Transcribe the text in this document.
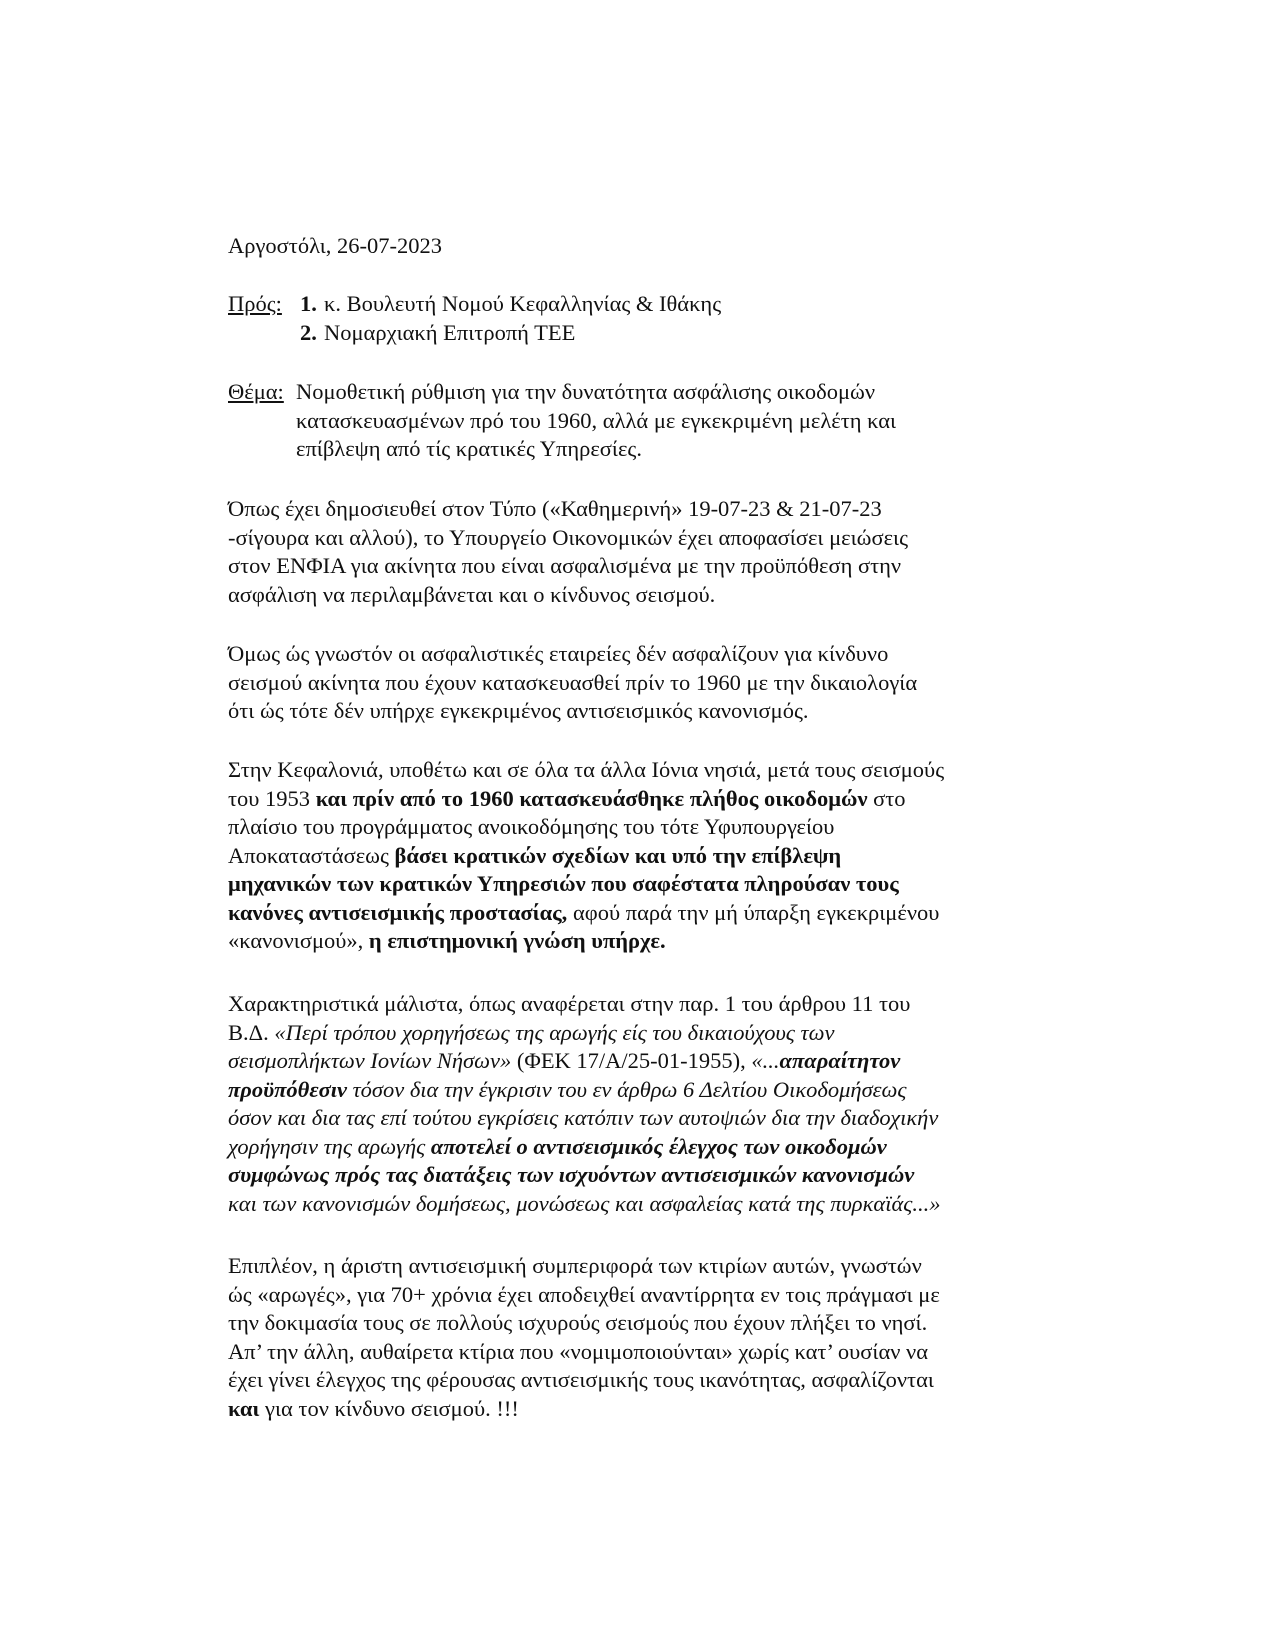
Αργοστόλι, 26-07-2023
Πρός: 1. κ. Βουλευτή Νομού Κεφαλληνίας & Ιθάκης
2. Νομαρχιακή Επιτροπή ΤΕΕ
Θέμα: Νομοθετική ρύθμιση για την δυνατότητα ασφάλισης οικοδομών
κατασκευασμένων πρό του 1960, αλλά με εγκεκριμένη μελέτη και
επίβλεψη από τίς κρατικές Υπηρεσίες.
Όπως έχει δημοσιευθεί στον Τύπο («Καθημερινή» 19-07-23 & 21-07-23
-σίγουρα και αλλού), το Υπουργείο Οικονομικών έχει αποφασίσει μειώσεις
στον ΕΝΦΙΑ για ακίνητα που είναι ασφαλισμένα με την προϋπόθεση στην
ασφάλιση να περιλαμβάνεται και ο κίνδυνος σεισμού.
Όμως ώς γνωστόν οι ασφαλιστικές εταιρείες δέν ασφαλίζουν για κίνδυνο
σεισμού ακίνητα που έχουν κατασκευασθεί πρίν το 1960 με την δικαιολογία
ότι ώς τότε δέν υπήρχε εγκεκριμένος αντισεισμικός κανονισμός.
Στην Κεφαλονιά, υποθέτω και σε όλα τα άλλα Ιόνια νησιά, μετά τους σεισμούς
του 1953 και πρίν από το 1960 κατασκευάσθηκε πλήθος οικοδομών στο
πλαίσιο του προγράμματος ανοικοδόμησης του τότε Υφυπουργείου
Αποκαταστάσεως βάσει κρατικών σχεδίων και υπό την επίβλεψη
μηχανικών των κρατικών Υπηρεσιών που σαφέστατα πληρούσαν τους
κανόνες αντισεισμικής προστασίας, αφού παρά την μή ύπαρξη εγκεκριμένου
«κανονισμού», η επιστημονική γνώση υπήρχε.
Χαρακτηριστικά μάλιστα, όπως αναφέρεται στην παρ. 1 του άρθρου 11 του
Β.Δ. «Περί τρόπου χορηγήσεως της αρωγής είς του δικαιούχους των
σεισμοπλήκτων Ιονίων Νήσων» (ΦΕΚ 17/Α/25-01-1955), «...απαραίτητον
προϋπόθεσιν τόσον δια την έγκρισιν του εν άρθρω 6 Δελτίου Οικοδομήσεως
όσον και δια τας επί τούτου εγκρίσεις κατόπιν των αυτοψιών δια την διαδοχικήν
χορήγησιν της αρωγής αποτελεί ο αντισεισμικός έλεγχος των οικοδομών
συμφώνως πρός τας διατάξεις των ισχυόντων αντισεισμικών κανονισμών
και των κανονισμών δομήσεως, μονώσεως και ασφαλείας κατά της πυρκαϊάς...»
Επιπλέον, η άριστη αντισεισμική συμπεριφορά των κτιρίων αυτών, γνωστών
ώς «αρωγές», για 70+ χρόνια έχει αποδειχθεί αναντίρρητα εν τοις πράγμασι με
την δοκιμασία τους σε πολλούς ισχυρούς σεισμούς που έχουν πλήξει το νησί.
Απ’ την άλλη, αυθαίρετα κτίρια που «νομιμοποιούνται» χωρίς κατ’ ουσίαν να
έχει γίνει έλεγχος της φέρουσας αντισεισμικής τους ικανότητας, ασφαλίζονται
και για τον κίνδυνο σεισμού. !!!
